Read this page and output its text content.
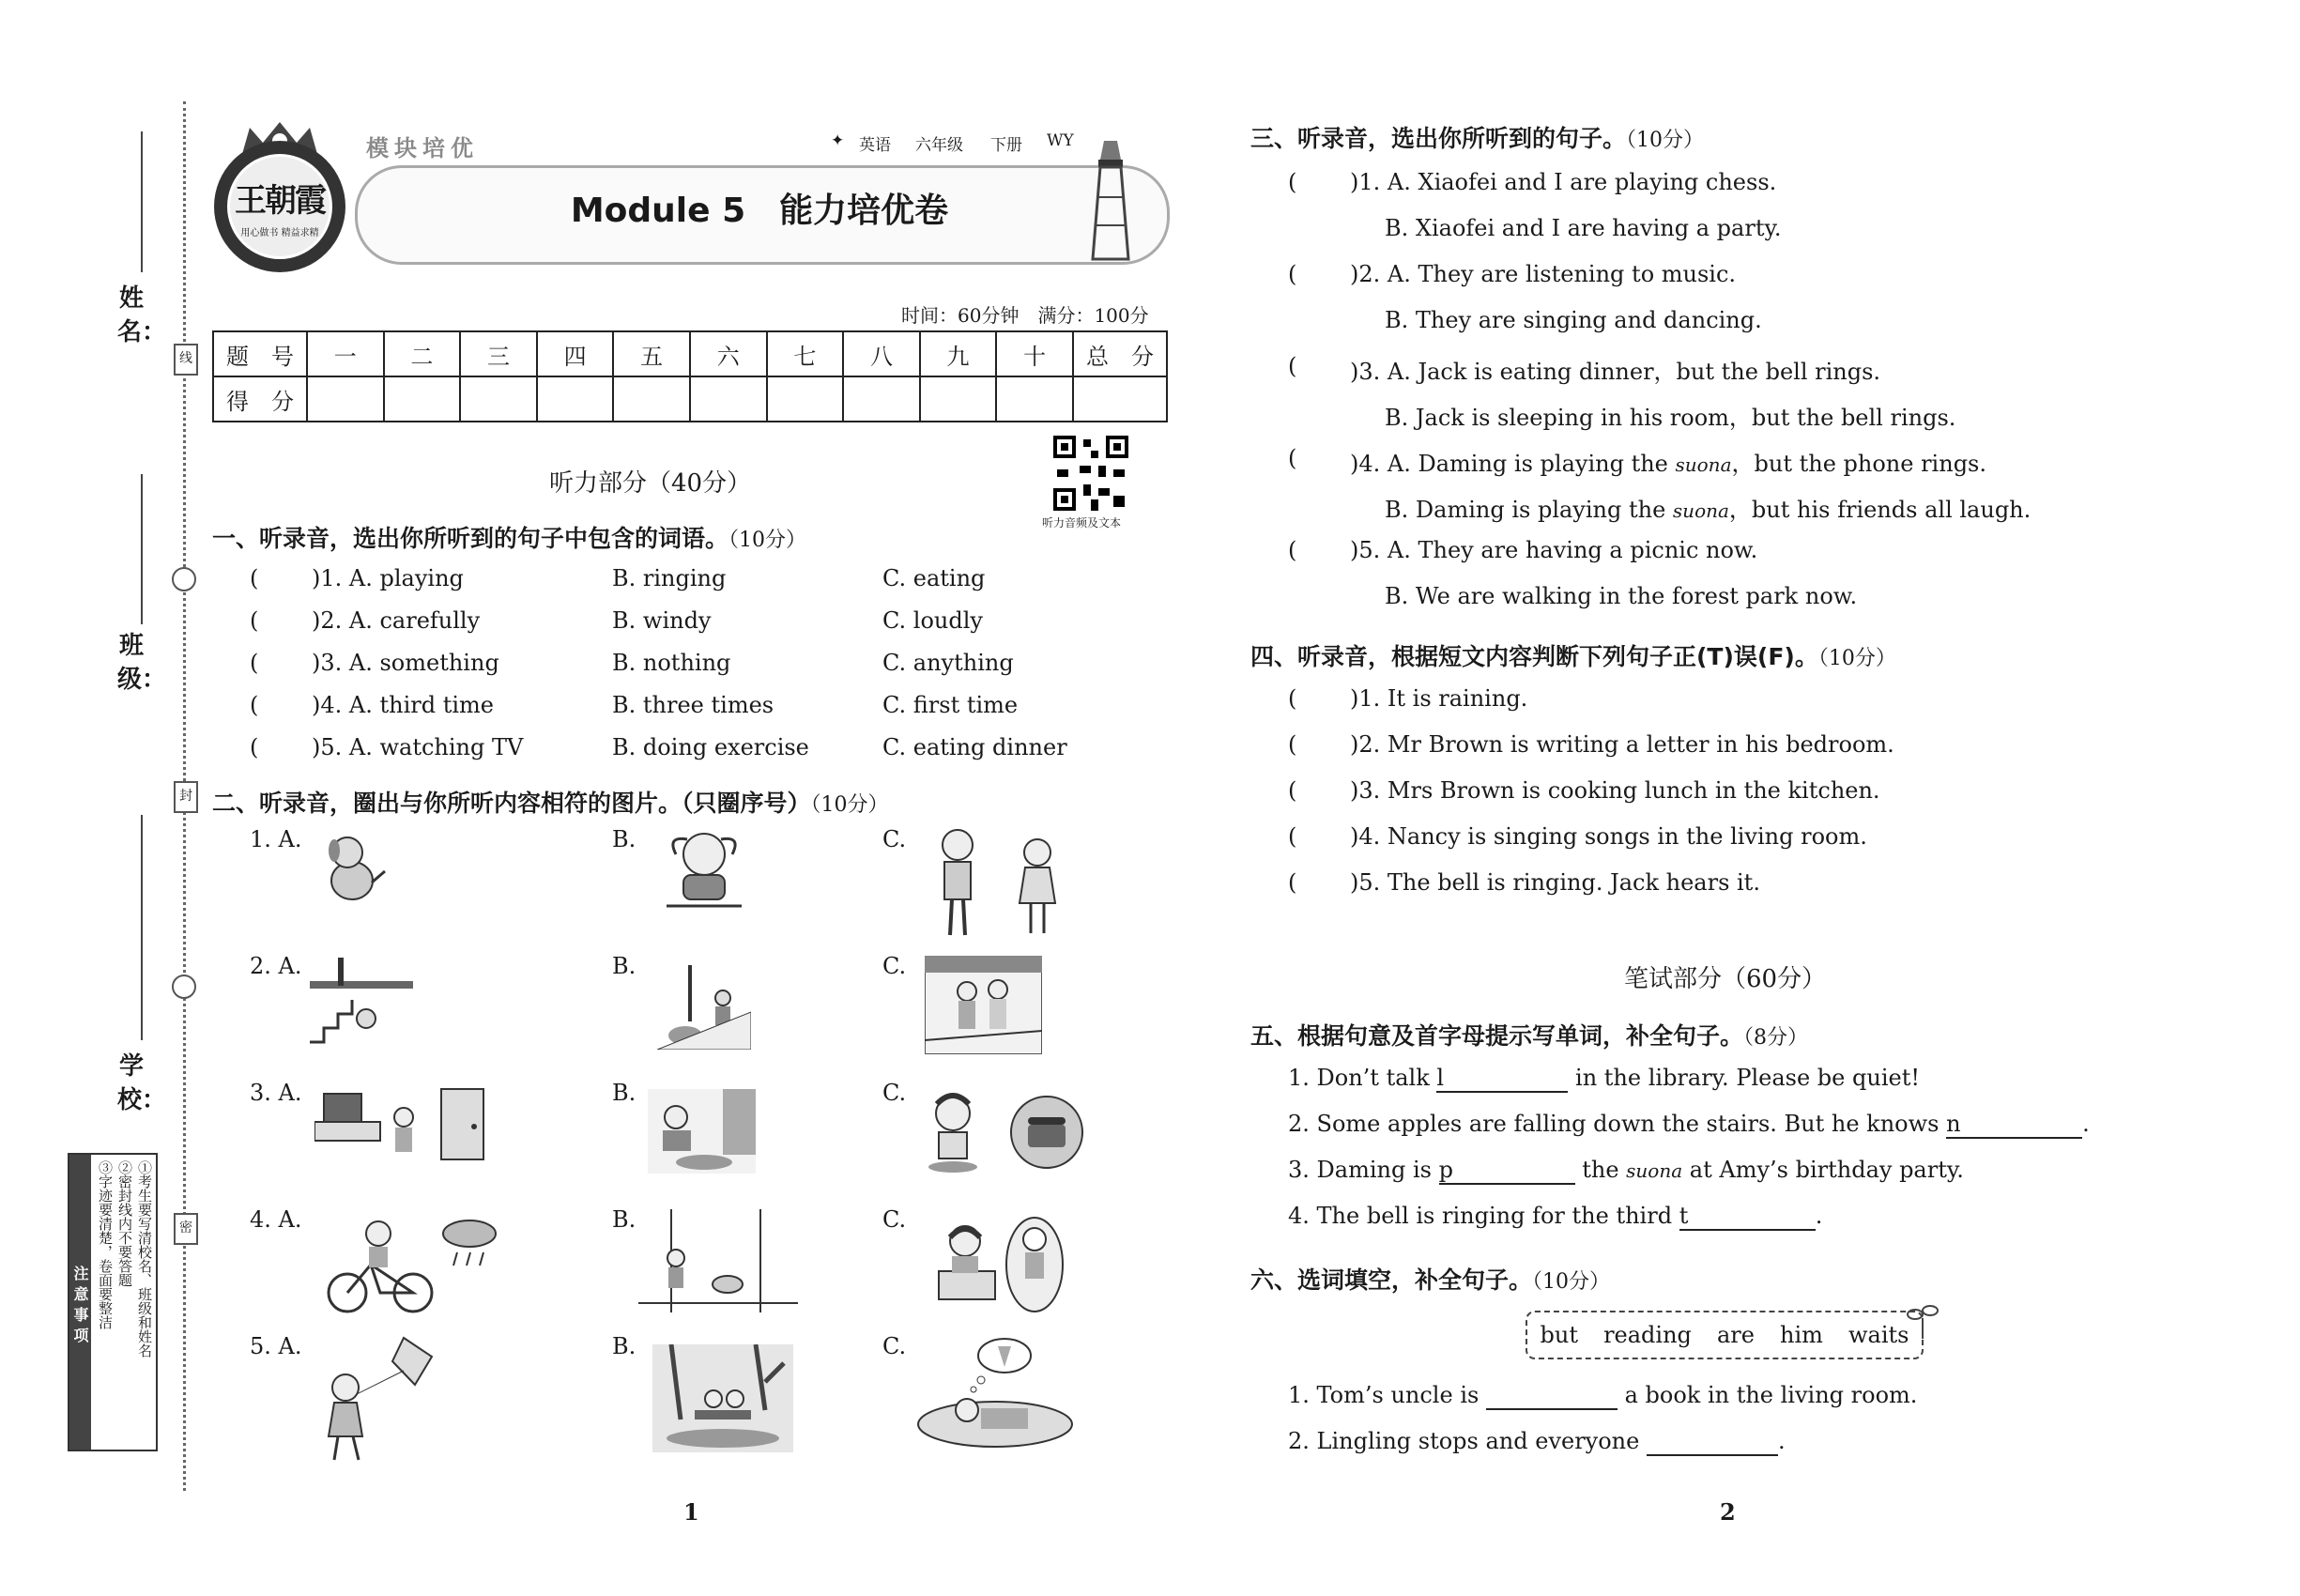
姓 名：
班 级：
学 校：
线
封
密
注意事项	①考生要写清校名、班级和姓名
②密封线内不要答题
③字迹要清楚，卷面要整洁
王朝霞
用心做书 精益求精
模块培优	✦ 英语 六年级 下册 WY
Module 5　能力培优卷
时间：60分钟　满分：100分
题　号	一	二	三	四	五	六	七	八	九	十	总　分
得　分											
听力音频及文本
听力部分（40分）
一、听录音，选出你所听到的句子中包含的词语。（10分）
( )1. A. playing	B. ringing	C. eating
( )2. A. carefully	B. windy	C. loudly
( )3. A. something	B. nothing	C. anything
( )4. A. third time	B. three times	C. first time
( )5. A. watching TV	B. doing exercise	C. eating dinner
二、听录音，圈出与你所听内容相符的图片。（只圈序号）（10分）
1. A.	B.	C.
2. A.	B.	C.
3. A.	B.	C.
4. A.	B.	C.
5. A.	B.	C.
1
三、听录音，选出你所听到的句子。（10分）
( )1. A. Xiaofei and I are playing chess.
B. Xiaofei and I are having a party.
( )2. A. They are listening to music.
B. They are singing and dancing.
( )3. A. Jack is eating dinner，but the bell rings.
B. Jack is sleeping in his room，but the bell rings.
( )4. A. Daming is playing the suona，but the phone rings.
B. Daming is playing the suona，but his friends all laugh.
( )5. A. They are having a picnic now.
B. We are walking in the forest park now.
四、听录音，根据短文内容判断下列句子正(T)误(F)。（10分）
( )1. It is raining.
( )2. Mr Brown is writing a letter in his bedroom.
( )3. Mrs Brown is cooking lunch in the kitchen.
( )4. Nancy is singing songs in the living room.
( )5. The bell is ringing. Jack hears it.
笔试部分（60分）
五、根据句意及首字母提示写单词，补全句子。（8分）
1. Don’t talk l	in the library. Please be quiet!
2. Some apples are falling down the stairs. But he knows n	.
3. Daming is p	the suona at Amy’s birthday party.
4. The bell is ringing for the third t	.
六、选词填空，补全句子。（10分）
but reading are him waits
1. Tom’s uncle is	a book in the living room.
2. Lingling stops and everyone	.
2
